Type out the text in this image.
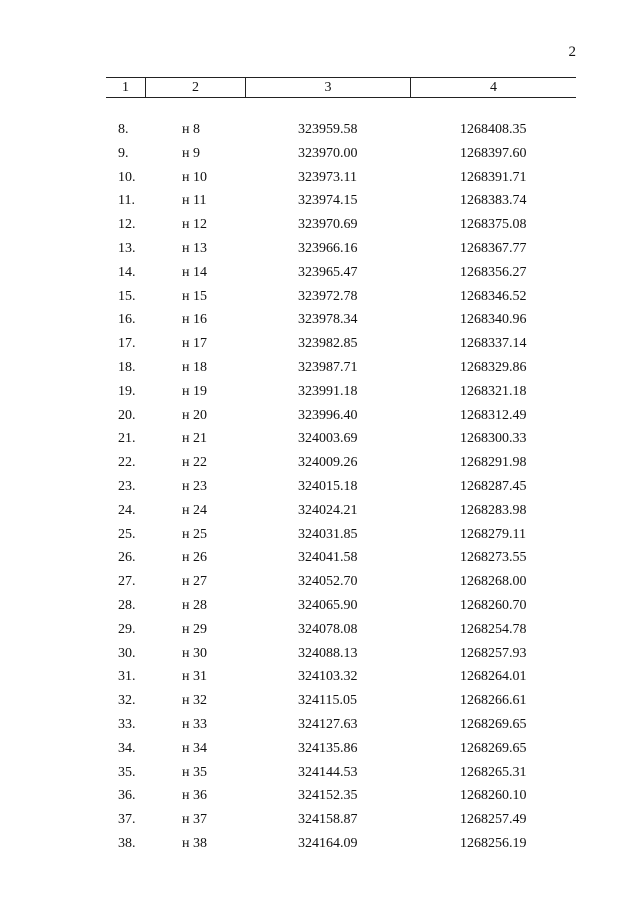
2
1	2	3	4
8.	н 8	323959.58	1268408.35
9.	н 9	323970.00	1268397.60
10.	н 10	323973.11	1268391.71
11.	н 11	323974.15	1268383.74
12.	н 12	323970.69	1268375.08
13.	н 13	323966.16	1268367.77
14.	н 14	323965.47	1268356.27
15.	н 15	323972.78	1268346.52
16.	н 16	323978.34	1268340.96
17.	н 17	323982.85	1268337.14
18.	н 18	323987.71	1268329.86
19.	н 19	323991.18	1268321.18
20.	н 20	323996.40	1268312.49
21.	н 21	324003.69	1268300.33
22.	н 22	324009.26	1268291.98
23.	н 23	324015.18	1268287.45
24.	н 24	324024.21	1268283.98
25.	н 25	324031.85	1268279.11
26.	н 26	324041.58	1268273.55
27.	н 27	324052.70	1268268.00
28.	н 28	324065.90	1268260.70
29.	н 29	324078.08	1268254.78
30.	н 30	324088.13	1268257.93
31.	н 31	324103.32	1268264.01
32.	н 32	324115.05	1268266.61
33.	н 33	324127.63	1268269.65
34.	н 34	324135.86	1268269.65
35.	н 35	324144.53	1268265.31
36.	н 36	324152.35	1268260.10
37.	н 37	324158.87	1268257.49
38.	н 38	324164.09	1268256.19
